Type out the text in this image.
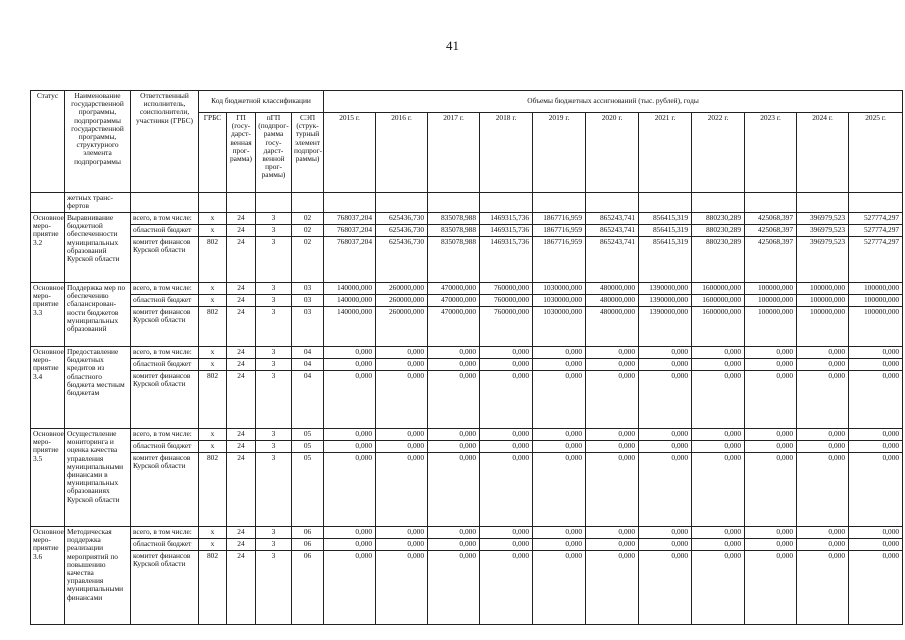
41
Статус	Наименование государственной программы, подпрограммы государственной программы, структурного элемента подпрограммы	Ответственный исполнитель, соисполнители, участники (ГРБС)	Код бюджетной классификации				Объемы бюджетных ассигнований (тыс. рублей), годы										
			ГРБС	ГП (госу- дарст- венная прог- рамма)	пГП (подпрог- рамма госу- дарст- венной прог- раммы)	СЭП (струк- турный элемент подпрог- раммы)	2015 г.	2016 г.	2017 г.	2018 г.	2019 г.	2020 г.	2021 г.	2022 г.	2023 г.	2024 г.	2025 г.
	жетных транс- фертов																
Основное меро- приятие 3.2	Выравнивание бюджетной обеспеченности муниципальных образований Курской области	всего, в том числе:	x	24	3	02	768037,204	625436,730	835078,988	1469315,736	1867716,959	865243,741	856415,319	880230,289	425068,397	396979,523	527774,297
		областной бюджет	x	24	3	02	768037,204	625436,730	835078,988	1469315,736	1867716,959	865243,741	856415,319	880230,289	425068,397	396979,523	527774,297
		комитет финансов Курской области	802	24	3	02	768037,204	625436,730	835078,988	1469315,736	1867716,959	865243,741	856415,319	880230,289	425068,397	396979,523	527774,297
Основное меро- приятие 3.3	Поддержка мер по обеспечению сбалансирован- ности бюджетов муниципальных образований	всего, в том числе:	x	24	3	03	140000,000	260000,000	470000,000	760000,000	1030000,000	480000,000	1390000,000	1600000,000	100000,000	100000,000	100000,000
		областной бюджет	x	24	3	03	140000,000	260000,000	470000,000	760000,000	1030000,000	480000,000	1390000,000	1600000,000	100000,000	100000,000	100000,000
		комитет финансов Курской области	802	24	3	03	140000,000	260000,000	470000,000	760000,000	1030000,000	480000,000	1390000,000	1600000,000	100000,000	100000,000	100000,000
Основное меро- приятие 3.4	Предоставление бюджетных кредитов из областного бюджета местным бюджетам	всего, в том числе:	x	24	3	04	0,000	0,000	0,000	0,000	0,000	0,000	0,000	0,000	0,000	0,000	0,000
		областной бюджет	x	24	3	04	0,000	0,000	0,000	0,000	0,000	0,000	0,000	0,000	0,000	0,000	0,000
		комитет финансов Курской области	802	24	3	04	0,000	0,000	0,000	0,000	0,000	0,000	0,000	0,000	0,000	0,000	0,000
Основное меро- приятие 3.5	Осуществление мониторинга и оценка качества управления муниципальными финансами в муниципальных образованиях Курской области	всего, в том числе:	x	24	3	05	0,000	0,000	0,000	0,000	0,000	0,000	0,000	0,000	0,000	0,000	0,000
		областной бюджет	x	24	3	05	0,000	0,000	0,000	0,000	0,000	0,000	0,000	0,000	0,000	0,000	0,000
		комитет финансов Курской области	802	24	3	05	0,000	0,000	0,000	0,000	0,000	0,000	0,000	0,000	0,000	0,000	0,000
Основное меро- приятие 3.6	Методическая поддержка реализации мероприятий по повышению качества управления муниципальными финансами	всего, в том числе:	x	24	3	06	0,000	0,000	0,000	0,000	0,000	0,000	0,000	0,000	0,000	0,000	0,000
		областной бюджет	x	24	3	06	0,000	0,000	0,000	0,000	0,000	0,000	0,000	0,000	0,000	0,000	0,000
		комитет финансов Курской области	802	24	3	06	0,000	0,000	0,000	0,000	0,000	0,000	0,000	0,000	0,000	0,000	0,000
